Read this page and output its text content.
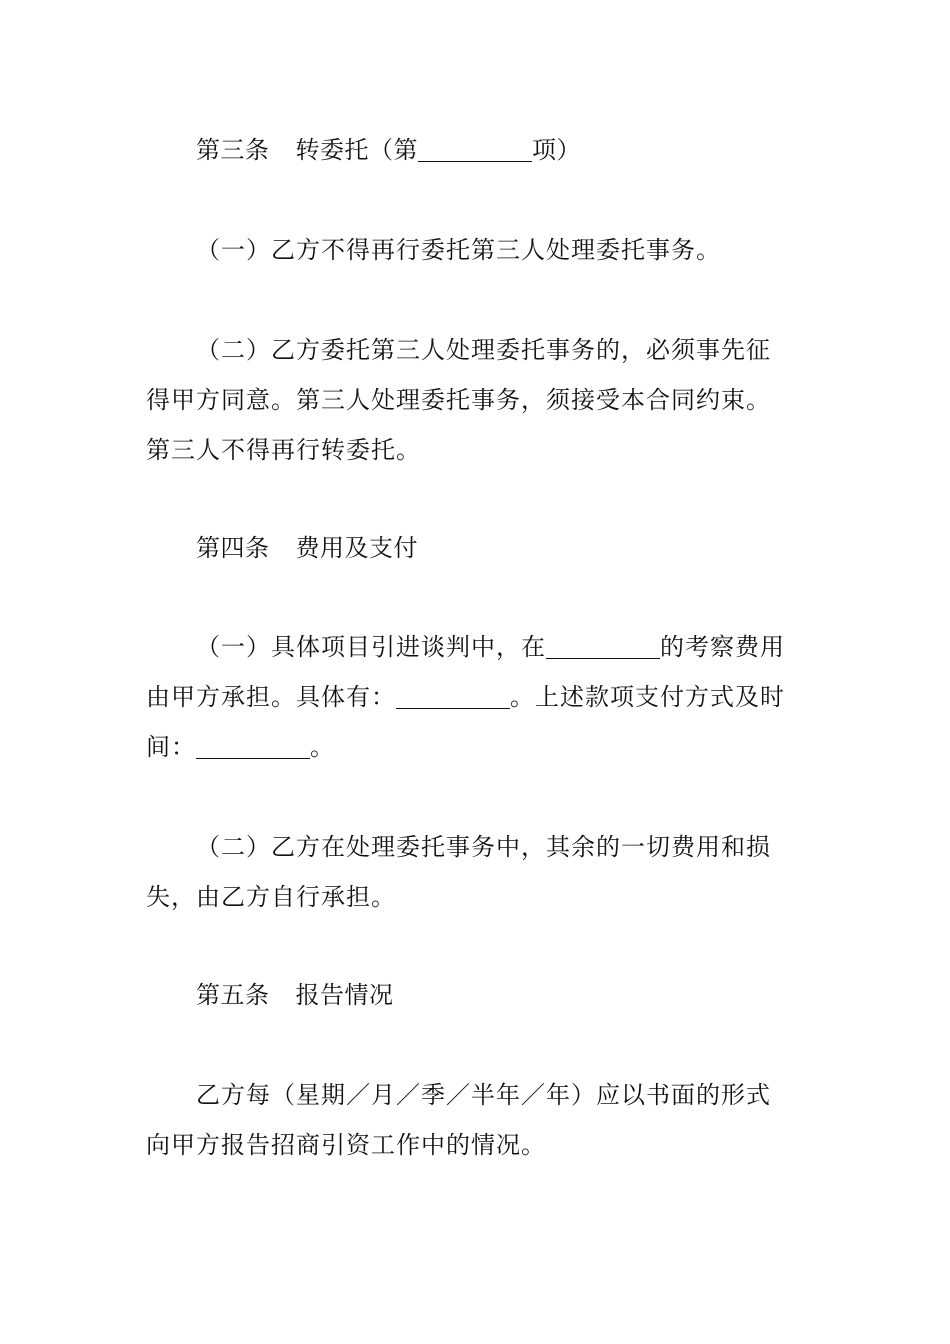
第三条 转委托（第	项）
（一）乙方不得再行委托第三人处理委托事务。
（二）乙方委托第三人处理委托事务的，必须事先征
得甲方同意。第三人处理委托事务，须接受本合同约束。
第三人不得再行转委托。
第四条 费用及支付
（一）具体项目引进谈判中，在	的考察费用
由甲方承担。具体有：	。上述款项支付方式及时
间：	。
（二）乙方在处理委托事务中，其余的一切费用和损
失，由乙方自行承担。
第五条 报告情况
乙方每（星期／月／季／半年／年）应以书面的形式
向甲方报告招商引资工作中的情况。
